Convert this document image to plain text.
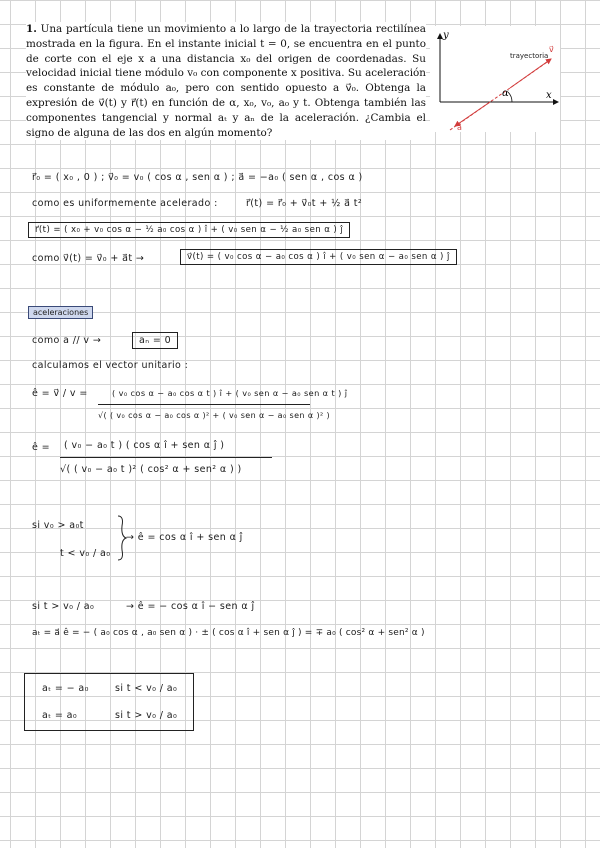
1. Una partícula tiene un movimiento a lo largo de la trayectoria rectilínea mostrada en la figura. En el instante inicial t = 0, se encuentra en el punto de corte con el eje x a una distancia x₀ del origen de coordenadas. Su velocidad inicial tiene módulo v₀ con componente x positiva. Su aceleración es constante de módulo a₀, pero con sentido opuesto a v⃗₀. Obtenga la expresión de v⃗(t) y r⃗(t) en función de α, x₀, v₀, a₀ y t. Obtenga también las componentes tangencial y normal aₜ y aₙ de la aceleración. ¿Cambia el signo de alguna de las dos en algún momento?

y
x
α
trayectoria
v⃗
a⃗
r⃗₀ = ( x₀ , 0 ) ; v⃗₀ = v₀ ( cos α , sen α ) ; a⃗ = −a₀ ( sen α , cos α )
como es uniformemente acelerado :	r⃗(t) = r⃗₀ + v⃗₀t + ½ a⃗ t²
r⃗(t) = ( x₀ + v₀ cos α − ½ a₀ cos α ) î + ( v₀ sen α − ½ a₀ sen α ) ĵ
como v⃗(t) = v⃗₀ + a⃗t →	v⃗(t) = ( v₀ cos α − a₀ cos α ) î + ( v₀ sen α − a₀ sen α ) ĵ
aceleraciones
como a // v →	aₙ = 0
calculamos el vector unitario :
ê = v⃗ / v =	( v₀ cos α − a₀ cos α t ) î + ( v₀ sen α − a₀ sen α t ) ĵ
√( ( v₀ cos α − a₀ cos α )² + ( v₀ sen α − a₀ sen α )² )
ê = ( v₀ − a₀ t ) ( cos α î + sen α ĵ )
√( ( v₀ − a₀ t )² ( cos² α + sen² α ) )
si v₀ > a₀t
t < v₀ / a₀
→ ê = cos α î + sen α ĵ
si t > v₀ / a₀	→ ê = − cos α î − sen α ĵ
aₜ = a⃗ ê = − ( a₀ cos α , a₀ sen α ) · ± ( cos α î + sen α ĵ ) = ∓ a₀ ( cos² α + sen² α )
aₜ = − a₀	si t < v₀ / a₀
aₜ = a₀	si t > v₀ / a₀
